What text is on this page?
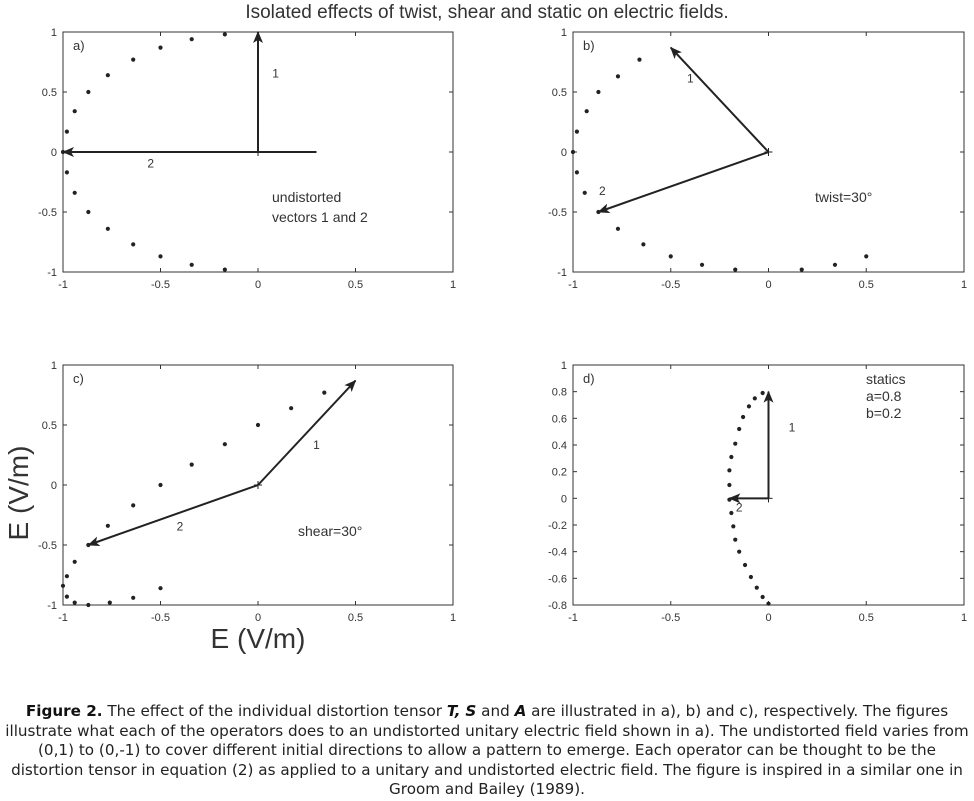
Isolated effects of twist, shear and static on electric fields.
-1	-0.5	0	0.5	1
1
0.5
0
-0.5
-1
a)
1
2
undistorted
vectors 1 and 2
-1	-0.5	0	0.5	1
1
0.5
0
-0.5
-1
b)
1
2	twist=30°
-1	-0.5	0	0.5	1
1
0.5
0
-0.5
-1
c)
1
2	shear=30°
-1	-0.5	0	0.5	1
1
0.8
0.6
0.4
0.2
0
-0.2
-0.4
-0.6
-0.8
d)
1
2
statics
a=0.8
b=0.2
E (V/m)
E (V/m)
Figure 2. The effect of the individual distortion tensor T, S and A are illustrated in a), b) and c), respectively. The figures illustrate what each of the operators does to an undistorted unitary electric field shown in a). The undistorted field varies from (0,1) to (0,-1) to cover different initial directions to allow a pattern to emerge. Each operator can be thought to be the distortion tensor in equation (2) as applied to a unitary and undistorted electric field. The figure is inspired in a similar one in Groom and Bailey (1989).
